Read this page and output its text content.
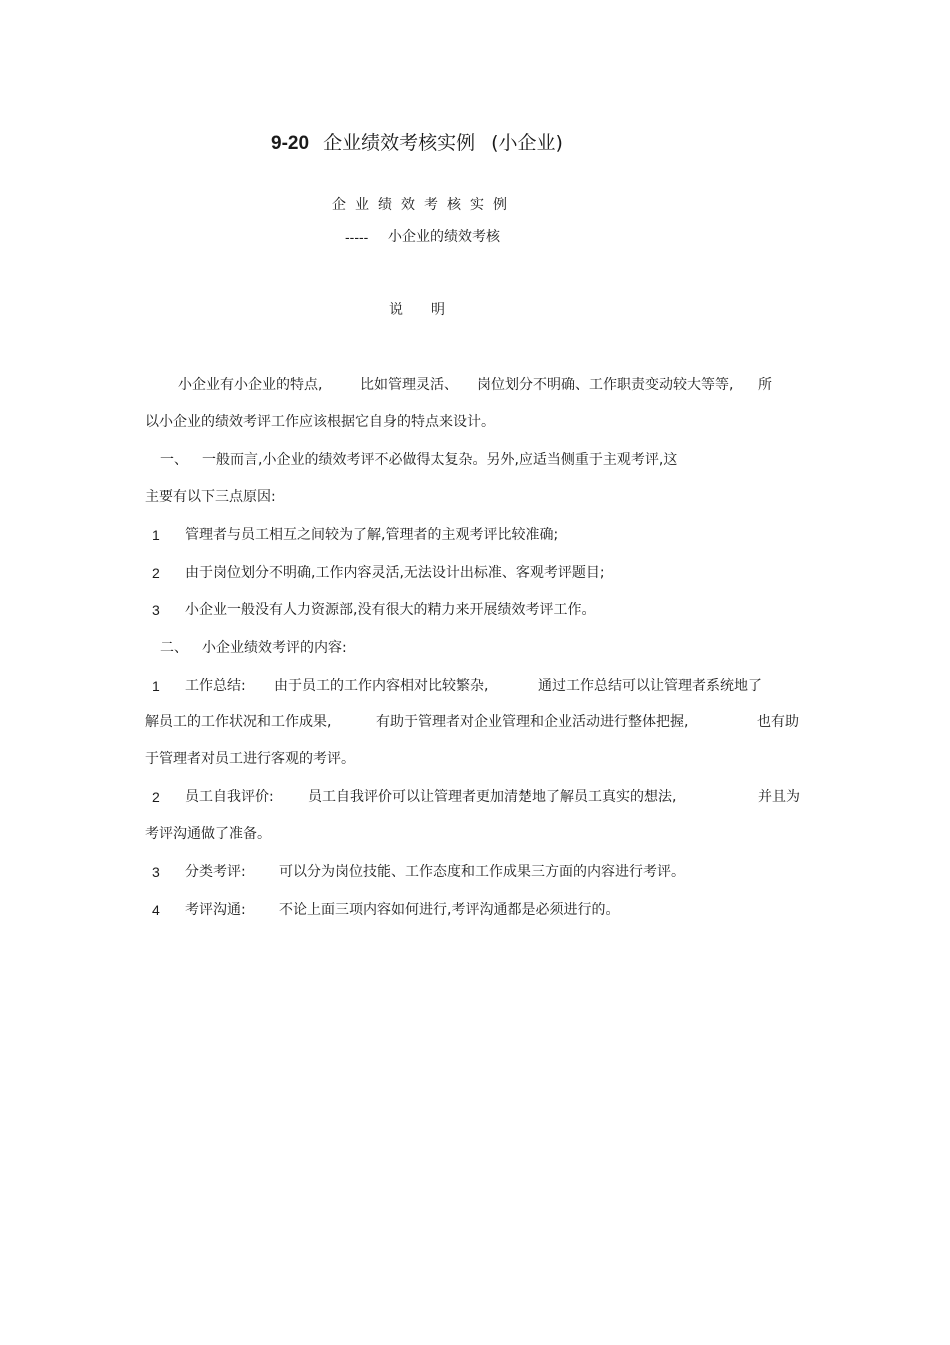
9-20 企业绩效考核实例 (小企业)
企业绩效考核实例
----- 小企业的绩效考核
说明
小企业有小企业的特点,	比如管理灵活、 岗位划分不明确、工作职责变动较大等等, 所
以小企业的绩效考评工作应该根据它自身的特点来设计。
一、 一般而言,小企业的绩效考评不必做得太复杂。另外,应适当侧重于主观考评,这
主要有以下三点原因:
1 管理者与员工相互之间较为了解,管理者的主观考评比较准确;
2 由于岗位划分不明确,工作内容灵活,无法设计出标准、客观考评题目;
3 小企业一般没有人力资源部,没有很大的精力来开展绩效考评工作。
二、 小企业绩效考评的内容:
1 工作总结: 由于员工的工作内容相对比较繁杂,	通过工作总结可以让管理者系统地了
解员工的工作状况和工作成果,	有助于管理者对企业管理和企业活动进行整体把握,	也有助
于管理者对员工进行客观的考评。
2 员工自我评价: 员工自我评价可以让管理者更加清楚地了解员工真实的想法,	并且为
考评沟通做了准备。
3 分类考评: 可以分为岗位技能、工作态度和工作成果三方面的内容进行考评。
4 考评沟通: 不论上面三项内容如何进行,考评沟通都是必须进行的。
